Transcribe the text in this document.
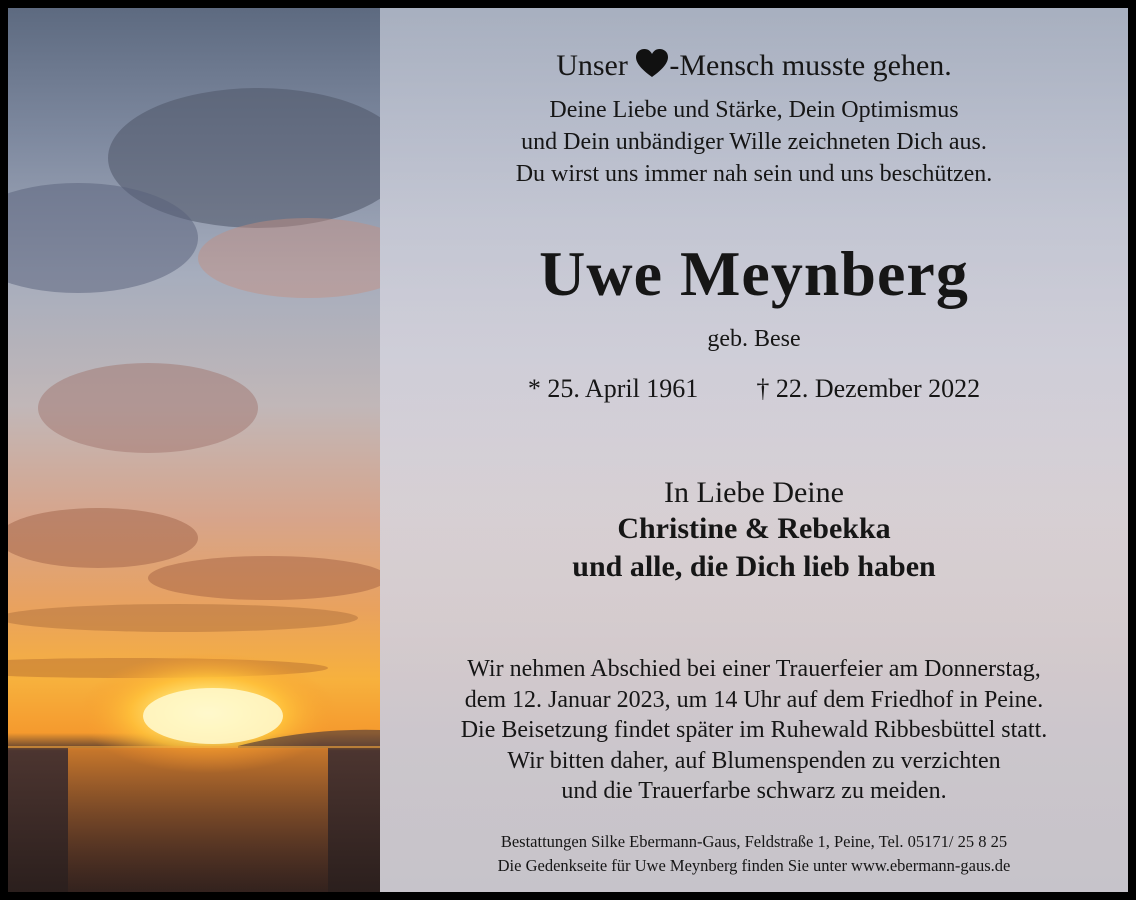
Unser -Mensch musste gehen.
Deine Liebe und Stärke, Dein Optimismus
und Dein unbändiger Wille zeichneten Dich aus.
Du wirst uns immer nah sein und uns beschützen.
Uwe Meynberg
geb. Bese
* 25. April 1961 † 22. Dezember 2022
In Liebe Deine
Christine & Rebekka
und alle, die Dich lieb haben
Wir nehmen Abschied bei einer Trauerfeier am Donnerstag,
dem 12. Januar 2023, um 14 Uhr auf dem Friedhof in Peine.
Die Beisetzung findet später im Ruhewald Ribbesbüttel statt.
Wir bitten daher, auf Blumenspenden zu verzichten
und die Trauerfarbe schwarz zu meiden.
Bestattungen Silke Ebermann-Gaus, Feldstraße 1, Peine, Tel. 05171/ 25 8 25
Die Gedenkseite für Uwe Meynberg finden Sie unter www.ebermann-gaus.de
